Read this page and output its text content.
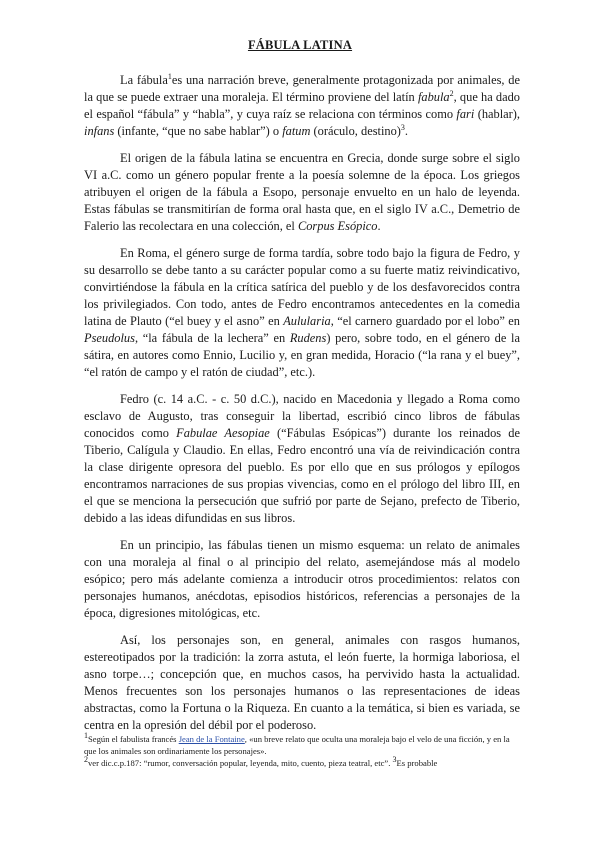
FÁBULA LATINA

La fábula$^1$es una narración breve, generalmente protagonizada por animales, de la que se puede extraer una moraleja. El término proviene del latín fabula$^2$, que ha dado el español “fábula” y “habla”, y cuya raíz se relaciona con términos como fari (hablar), infans (infante, “que no sabe hablar”) o fatum (oráculo, destino)$^3$.

El origen de la fábula latina se encuentra en Grecia, donde surge sobre el siglo VI a.C. como un género popular frente a la poesía solemne de la época. Los griegos atribuyen el origen de la fábula a Esopo, personaje envuelto en un halo de leyenda. Estas fábulas se transmitirían de forma oral hasta que, en el siglo IV a.C., Demetrio de Falerio las recolectara en una colección, el Corpus Esópico.

En Roma, el género surge de forma tardía, sobre todo bajo la figura de Fedro, y su desarrollo se debe tanto a su carácter popular como a su fuerte matiz reivindicativo, convirtiéndose la fábula en la crítica satírica del pueblo y de los desfavorecidos contra los privilegiados. Con todo, antes de Fedro encontramos antecedentes en la comedia latina de Plauto (“el buey y el asno” en Aulularia, “el carnero guardado por el lobo” en Pseudolus, “la fábula de la lechera” en Rudens) pero, sobre todo, en el género de la sátira, en autores como Ennio, Lucilio y, en gran medida, Horacio (“la rana y el buey”, “el ratón de campo y el ratón de ciudad”, etc.).

Fedro (c. 14 a.C. - c. 50 d.C.), nacido en Macedonia y llegado a Roma como esclavo de Augusto, tras conseguir la libertad, escribió cinco libros de fábulas conocidos como Fabulae Aesopiae (“Fábulas Esópicas”) durante los reinados de Tiberio, Calígula y Claudio. En ellas, Fedro encontró una vía de reivindicación contra la clase dirigente opresora del pueblo. Es por ello que en sus prólogos y epílogos encontramos narraciones de sus propias vivencias, como en el prólogo del libro III, en el que se menciona la persecución que sufrió por parte de Sejano, prefecto de Tiberio, debido a las ideas difundidas en sus libros.

En un principio, las fábulas tienen un mismo esquema: un relato de animales con una moraleja al final o al principio del relato, asemejándose más al modelo esópico; pero más adelante comienza a introducir otros procedimientos: relatos con personajes humanos, anécdotas, episodios históricos, referencias a personajes de la época, digresiones mitológicas, etc.

Así, los personajes son, en general, animales con rasgos humanos, estereotipados por la tradición: la zorra astuta, el león fuerte, la hormiga laboriosa, el asno torpe…; concepción que, en muchos casos, ha pervivido hasta la actualidad. Menos frecuentes son los personajes humanos o las representaciones de ideas abstractas, como la Fortuna o la Riqueza. En cuanto a la temática, si bien es variada, se centra en la opresión del débil por el poderoso.

$^1$Según el fabulista francés Jean de la Fontaine, «un breve relato que oculta una moraleja bajo el velo de una ficción, y en la que los animales son ordinariamente los personajes».

$^2$ver dic.c.p.187: “rumor, conversación popular, leyenda, mito, cuento, pieza teatral, etc”. $^3$Es probable
